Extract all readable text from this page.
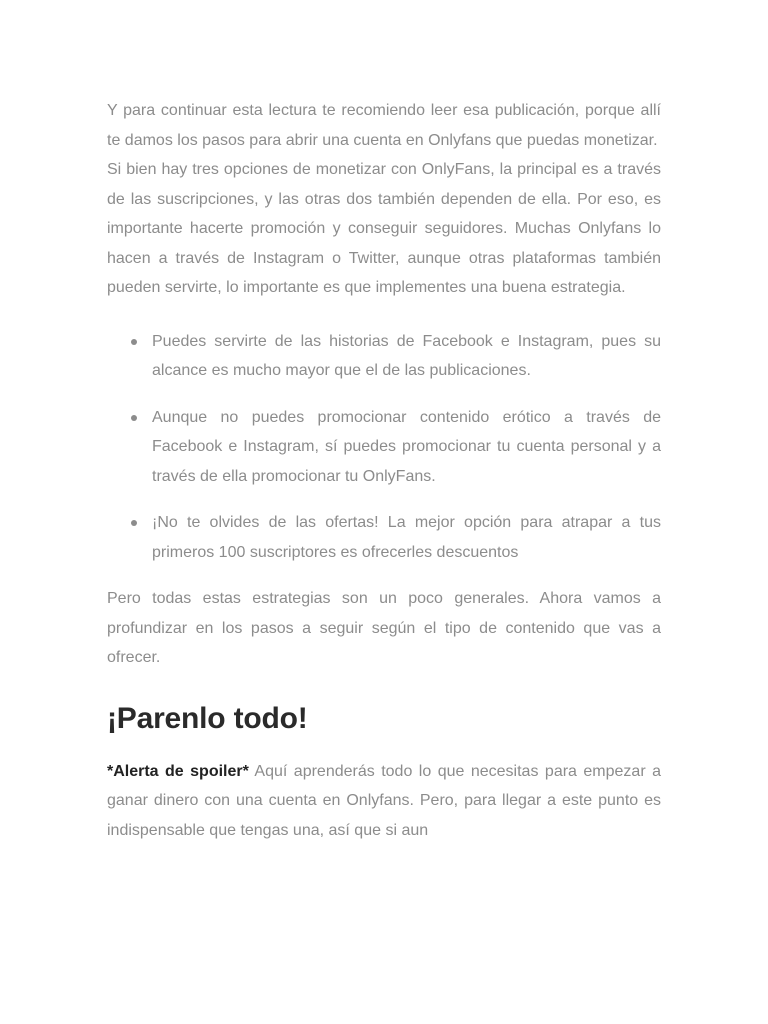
Y para continuar esta lectura te recomiendo leer esa publicación, porque allí te damos los pasos para abrir una cuenta en Onlyfans que puedas monetizar.

Si bien hay tres opciones de monetizar con OnlyFans, la principal es a través de las suscripciones, y las otras dos también dependen de ella. Por eso, es importante hacerte promoción y conseguir seguidores. Muchas Onlyfans lo hacen a través de Instagram o Twitter, aunque otras plataformas también pueden servirte, lo importante es que implementes una buena estrategia.

Puedes servirte de las historias de Facebook e Instagram, pues su alcance es mucho mayor que el de las publicaciones.
Aunque no puedes promocionar contenido erótico a través de Facebook e Instagram, sí puedes promocionar tu cuenta personal y a través de ella promocionar tu OnlyFans.
¡No te olvides de las ofertas! La mejor opción para atrapar a tus primeros 100 suscriptores es ofrecerles descuentos

Pero todas estas estrategias son un poco generales. Ahora vamos a profundizar en los pasos a seguir según el tipo de contenido que vas a ofrecer.

¡Parenlo todo!

*Alerta de spoiler* Aquí aprenderás todo lo que necesitas para empezar a ganar dinero con una cuenta en Onlyfans. Pero, para llegar a este punto es indispensable que tengas una, así que si aun
